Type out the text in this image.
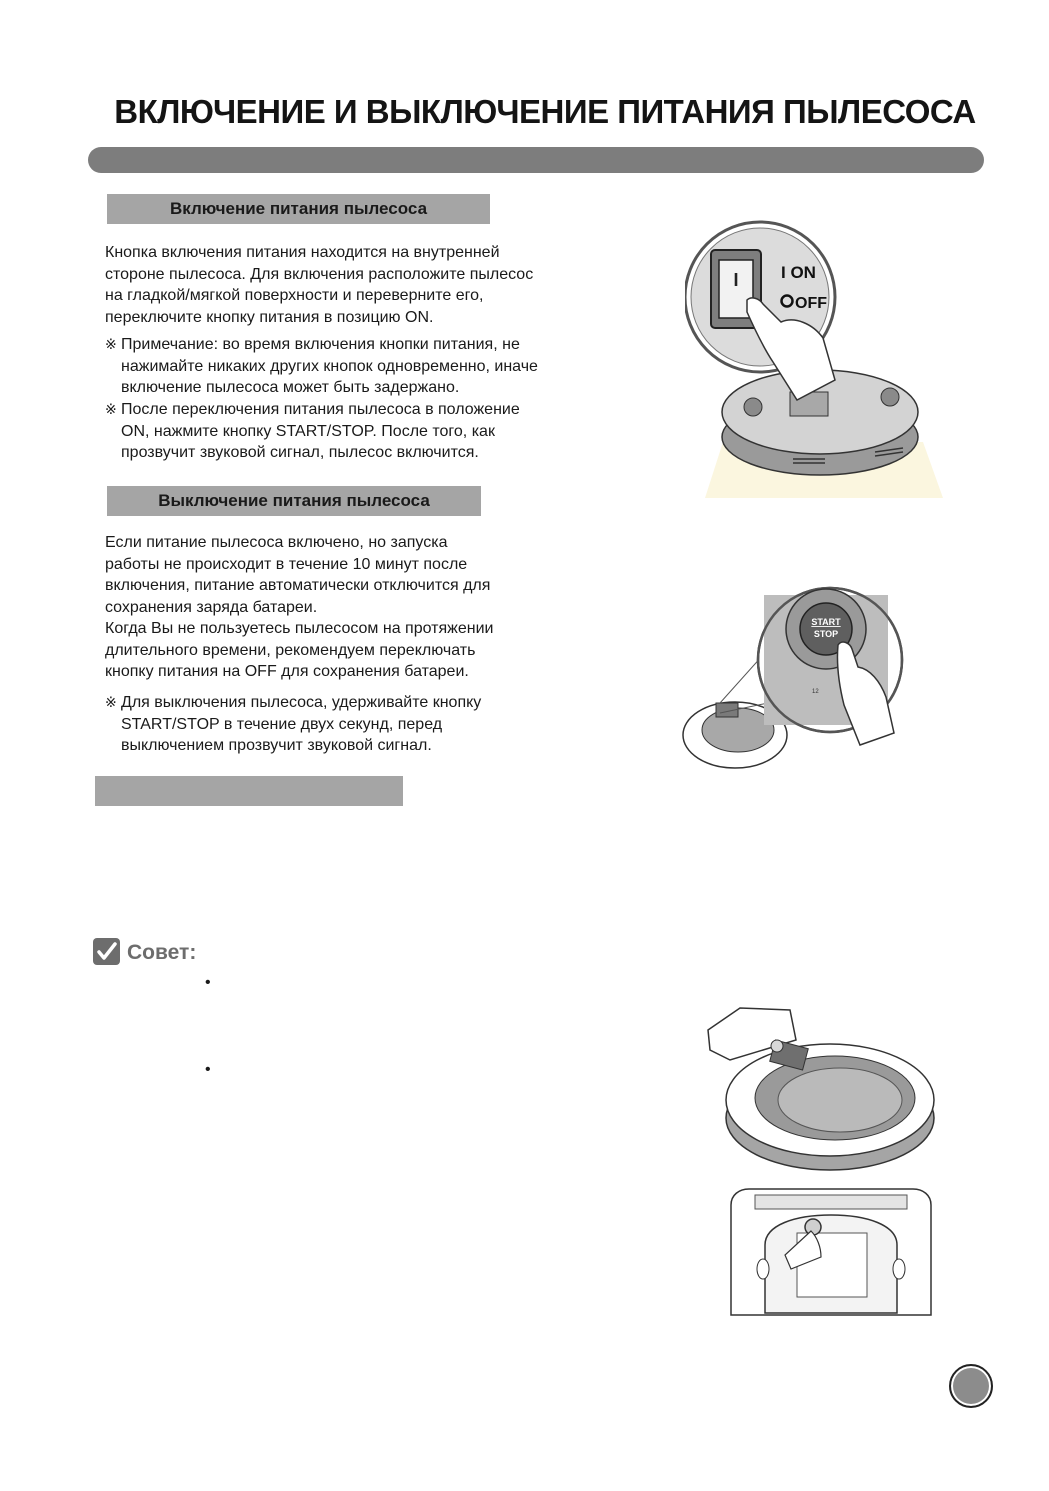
ВКЛЮЧЕНИЕ И ВЫКЛЮЧЕНИЕ ПИТАНИЯ ПЫЛЕСОСА
Включение питания пылесоса

Кнопка включения питания находится на внутренней
стороне пылесоса. Для включения расположите пылесос
на гладкой/мягкой поверхности и переверните его,
переключите кнопку питания в позицию ON.

※ Примечание: во время включения кнопки питания, не
нажимайте никаких других кнопок одновременно, иначе
включение пылесоса может быть задержано.

※ После переключения питания пылесоса в положение
ON, нажмите кнопку START/STOP. После того, как
прозвучит звуковой сигнал, пылесос включится.

I I ON
OFF
Выключение питания пылесоса

Если питание пылесоса включено, но запуска
работы не происходит в течение 10 минут после
включения, питание автоматически отключится для
сохранения заряда батареи.
Когда Вы не пользуетесь пылесосом на протяжении
длительного времени, рекомендуем переключать
кнопку питания на OFF для сохранения батареи.

※ Для выключения пылесоса, удерживайте кнопку
START/STOP в течение двух секунд, перед
выключением прозвучит звуковой сигнал.

START
STOP
12
Совет:
•
•
